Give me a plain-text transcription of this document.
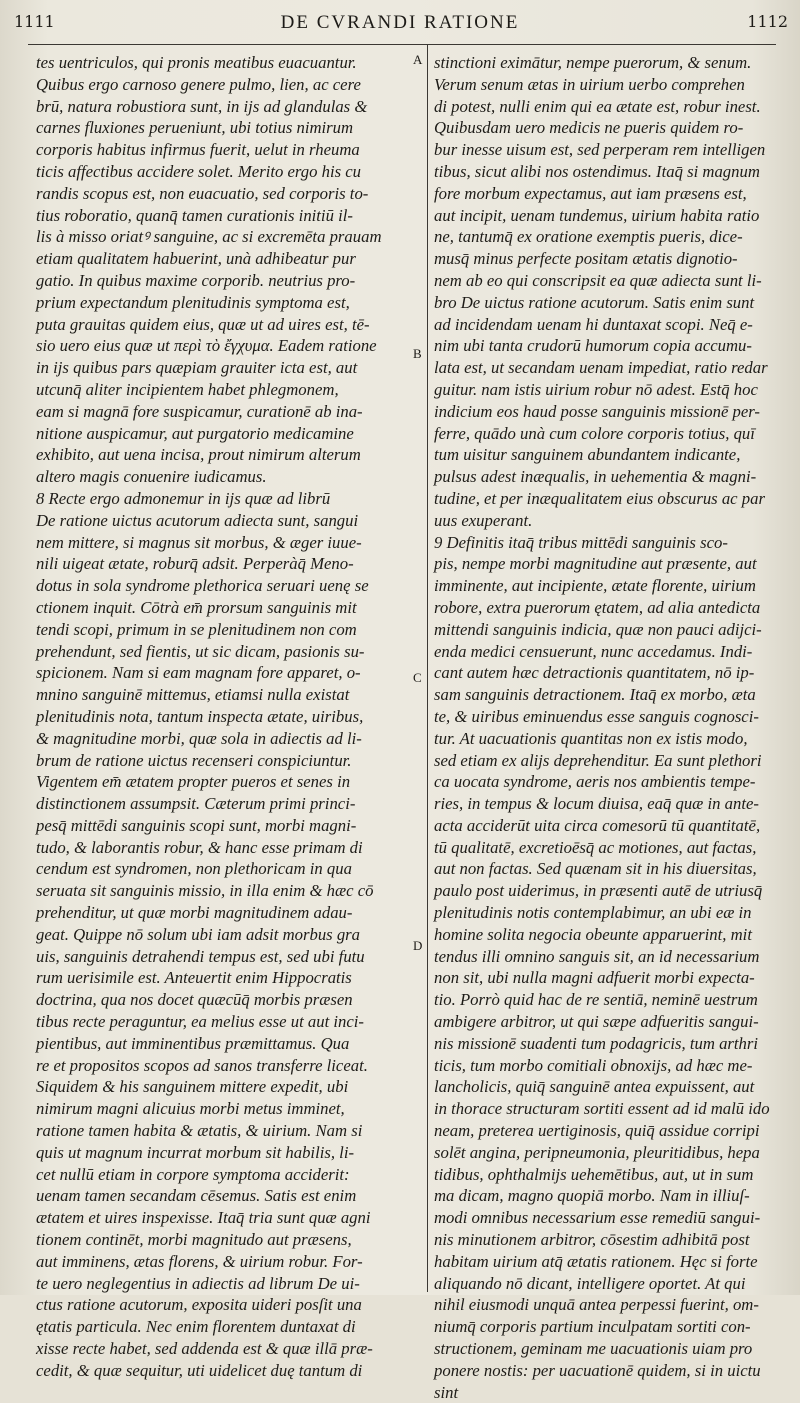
DE CVRANDI RATIONE
1111	1112
A
B
C
D
tes uentriculos, qui pronis meatibus euacuantur.
Quibus ergo carnoso genere pulmo, lien, ac cere
brū, natura robustiora sunt, in ijs ad glandulas &
carnes fluxiones perueniunt, ubi totius nimirum
corporis habitus infirmus fuerit, uelut in rheuma
ticis affectibus accidere solet. Merito ergo his cu
randis scopus est, non euacuatio, sed corporis to-
tius roboratio, quanq̄ tamen curationis initiū il-
lis à misso oriatꝰ sanguine, ac si excremēta prauam
etiam qualitatem habuerint, unà adhibeatur pur
gatio. In quibus maxime corporib. neutrius pro-
prium expectandum plenitudinis symptoma est,
puta grauitas quidem eius, quæ ut ad uires est, tē-
sio uero eius quæ ut περὶ τὸ ἔγχυμα. Eadem ratione
in ijs quibus pars quæpiam grauiter icta est, aut
utcunq̄ aliter incipientem habet phlegmonem,
eam si magnā fore suspicamur, curationē ab ina-
nitione auspicamur, aut purgatorio medicamine
exhibito, aut uena incisa, prout nimirum alterum
altero magis conuenire iudicamus.
8 Recte ergo admonemur in ijs quæ ad librū
De ratione uictus acutorum adiecta sunt, sangui
nem mittere, si magnus sit morbus, & æger iuue-
nili uigeat ætate, roburq̄ adsit. Perperàq̄ Meno-
dotus in sola syndrome plethorica seruari uenę se
ctionem inquit. Cōtrà em̄ prorsum sanguinis mit
tendi scopi, primum in se plenitudinem non com
prehendunt, sed fientis, ut sic dicam, pasionis su-
spicionem. Nam si eam magnam fore apparet, o-
mnino sanguinē mittemus, etiamsi nulla existat
plenitudinis nota, tantum inspecta ætate, uiribus,
& magnitudine morbi, quæ sola in adiectis ad li-
brum de ratione uictus recenseri conspiciuntur.
Vigentem em̄ ætatem propter pueros et senes in
distinctionem assumpsit. Cæterum primi princi-
pesq̄ mittēdi sanguinis scopi sunt, morbi magni-
tudo, & laborantis robur, & hanc esse primam di
cendum est syndromen, non plethoricam in qua
seruata sit sanguinis missio, in illa enim & hæc cō
prehenditur, ut quæ morbi magnitudinem adau-
geat. Quippe nō solum ubi iam adsit morbus gra
uis, sanguinis detrahendi tempus est, sed ubi futu
rum uerisimile est. Anteuertit enim Hippocratis
doctrina, qua nos docet quæcūq̄ morbis præsen
tibus recte peraguntur, ea melius esse ut aut inci-
pientibus, aut imminentibus præmittamus. Qua
re et propositos scopos ad sanos transferre liceat.
Siquidem & his sanguinem mittere expedit, ubi
nimirum magni alicuius morbi metus imminet,
ratione tamen habita & ætatis, & uirium. Nam si
quis ut magnum incurrat morbum sit habilis, li-
cet nullū etiam in corpore symptoma acciderit:
uenam tamen secandam cēsemus. Satis est enim
ætatem et uires inspexisse. Itaq̄ tria sunt quæ agni
tionem continēt, morbi magnitudo aut præsens,
aut imminens, ætas florens, & uirium robur. For-
te uero neglegentius in adiectis ad librum De ui-
ctus ratione acutorum, exposita uideri posſit una
ętatis particula. Nec enim florentem duntaxat di
xisse recte habet, sed addenda est & quæ illā præ-
cedit, & quæ sequitur, uti uidelicet duę tantum di
stinctioni eximātur, nempe puerorum, & senum.
Verum senum ætas in uirium uerbo comprehen
di potest, nulli enim qui ea ætate est, robur inest.
Quibusdam uero medicis ne pueris quidem ro-
bur inesse uisum est, sed perperam rem intelligen
tibus, sicut alibi nos ostendimus. Itaq̄ si magnum
fore morbum expectamus, aut iam præsens est,
aut incipit, uenam tundemus, uirium habita ratio
ne, tantumq̄ ex oratione exemptis pueris, dice-
musq̄ minus perfecte positam ætatis dignotio-
nem ab eo qui conscripsit ea quæ adiecta sunt li-
bro De uictus ratione acutorum. Satis enim sunt
ad incidendam uenam hi duntaxat scopi. Neq̄ e-
nim ubi tanta crudorū humorum copia accumu-
lata est, ut secandam uenam impediat, ratio redar
guitur. nam istis uirium robur nō adest. Estq̄ hoc
indicium eos haud posse sanguinis missionē per-
ferre, quādo unà cum colore corporis totius, quī
tum uisitur sanguinem abundantem indicante,
pulsus adest inæqualis, in uehementia & magni-
tudine, et per inæqualitatem eius obscurus ac par
uus exuperant.
9 Definitis itaq̄ tribus mittēdi sanguinis sco-
pis, nempe morbi magnitudine aut præsente, aut
imminente, aut incipiente, ætate florente, uirium
robore, extra puerorum ętatem, ad alia antedicta
mittendi sanguinis indicia, quæ non pauci adijci-
enda medici censuerunt, nunc accedamus. Indi-
cant autem hæc detractionis quantitatem, nō ip-
sam sanguinis detractionem. Itaq̄ ex morbo, æta
te, & uiribus eminuendus esse sanguis cognosci-
tur. At uacuationis quantitas non ex istis modo,
sed etiam ex alijs deprehenditur. Ea sunt plethori
ca uocata syndrome, aeris nos ambientis tempe-
ries, in tempus & locum diuisa, eaq̄ quæ in ante-
acta acciderūt uita circa comesorū tū quantitatē,
tū qualitatē, excretioēsq̄ ac motiones, aut factas,
aut non factas. Sed quænam sit in his diuersitas,
paulo post uiderimus, in præsenti autē de utriusq̄
plenitudinis notis contemplabimur, an ubi eæ in
homine solita negocia obeunte apparuerint, mit
tendus illi omnino sanguis sit, an id necessarium
non sit, ubi nulla magni adfuerit morbi expecta-
tio. Porrò quid hac de re sentiā, neminē uestrum
ambigere arbitror, ut qui sæpe adfueritis sangui-
nis missionē suadenti tum podagricis, tum arthri
ticis, tum morbo comitiali obnoxijs, ad hæc me-
lancholicis, quiq̄ sanguinē antea expuissent, aut
in thorace structuram sortiti essent ad id malū ido
neam, preterea uertiginosis, quiq̄ assidue corripi
solēt angina, peripneumonia, pleuritidibus, hepa
tidibus, ophthalmijs uehemētibus, aut, ut in sum
ma dicam, magno quopiā morbo. Nam in illiuſ-
modi omnibus necessarium esse remediū sangui-
nis minutionem arbitror, cōsestim adhibitā post
habitam uirium atq̄ ætatis rationem. Hęc si forte
aliquando nō dicant, intelligere oportet. At qui
nihil eiusmodi unquā antea perpessi fuerint, om-
niumq̄ corporis partium inculpatam sortiti con-
structionem, geminam me uacuationis uiam pro
ponere nostis: per uacuationē quidem, si in uictu
sint
